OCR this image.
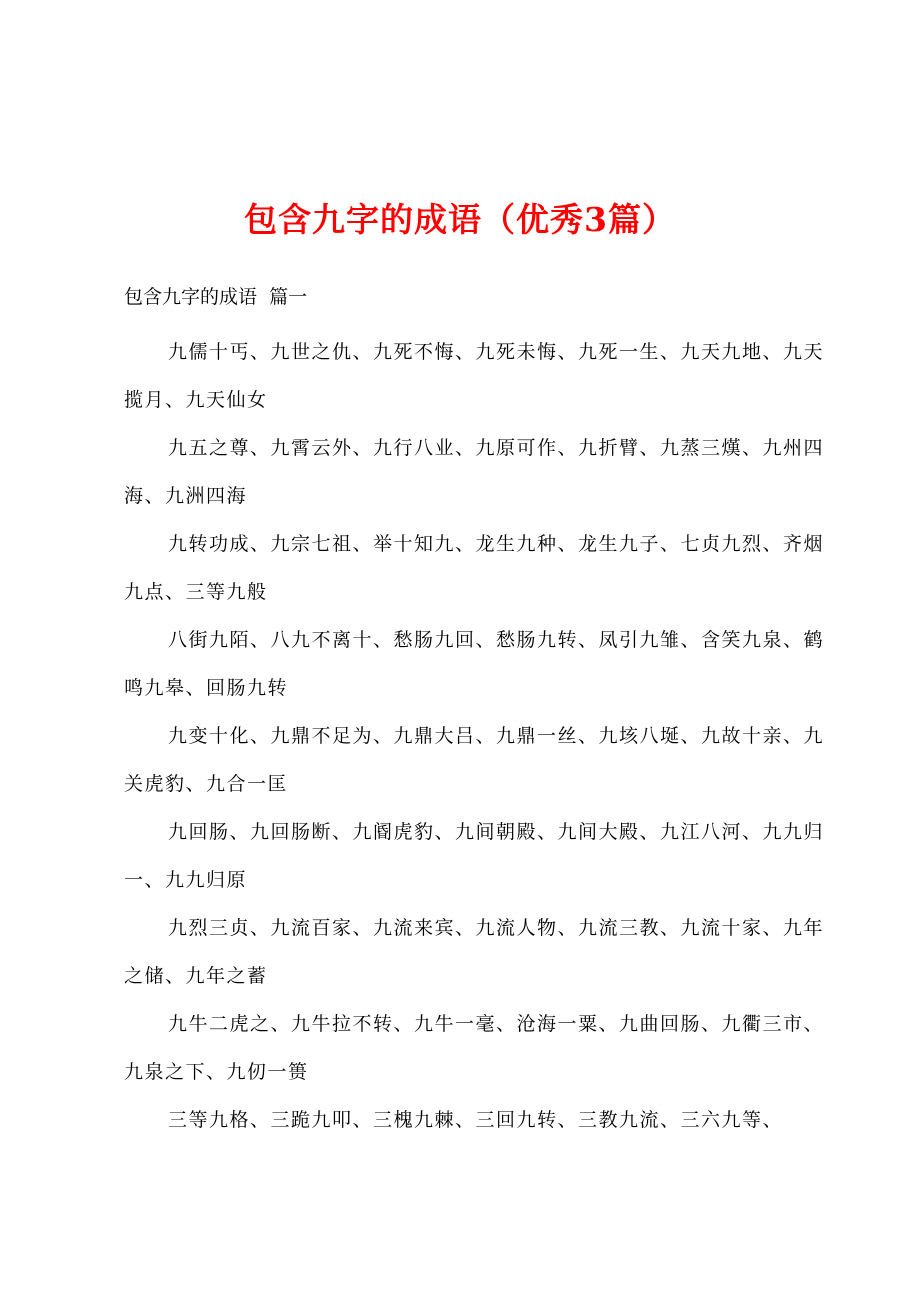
包含九字的成语（优秀3篇）

包含九字的成语  篇一

九儒十丐、九世之仇、九死不悔、九死未悔、九死一生、九天九地、九天揽月、九天仙女

九五之尊、九霄云外、九行八业、九原可作、九折臂、九蒸三熯、九州四海、九洲四海

九转功成、九宗七祖、举十知九、龙生九种、龙生九子、七贞九烈、齐烟九点、三等九般

八街九陌、八九不离十、愁肠九回、愁肠九转、凤引九雏、含笑九泉、鹤鸣九皋、回肠九转

九变十化、九鼎不足为、九鼎大吕、九鼎一丝、九垓八埏、九故十亲、九关虎豹、九合一匡

九回肠、九回肠断、九阍虎豹、九间朝殿、九间大殿、九江八河、九九归一、九九归原

九烈三贞、九流百家、九流来宾、九流人物、九流三教、九流十家、九年之储、九年之蓄

九牛二虎之、九牛拉不转、九牛一毫、沧海一粟、九曲回肠、九衢三市、九泉之下、九仞一篑

三等九格、三跪九叩、三槐九棘、三回九转、三教九流、三六九等、
